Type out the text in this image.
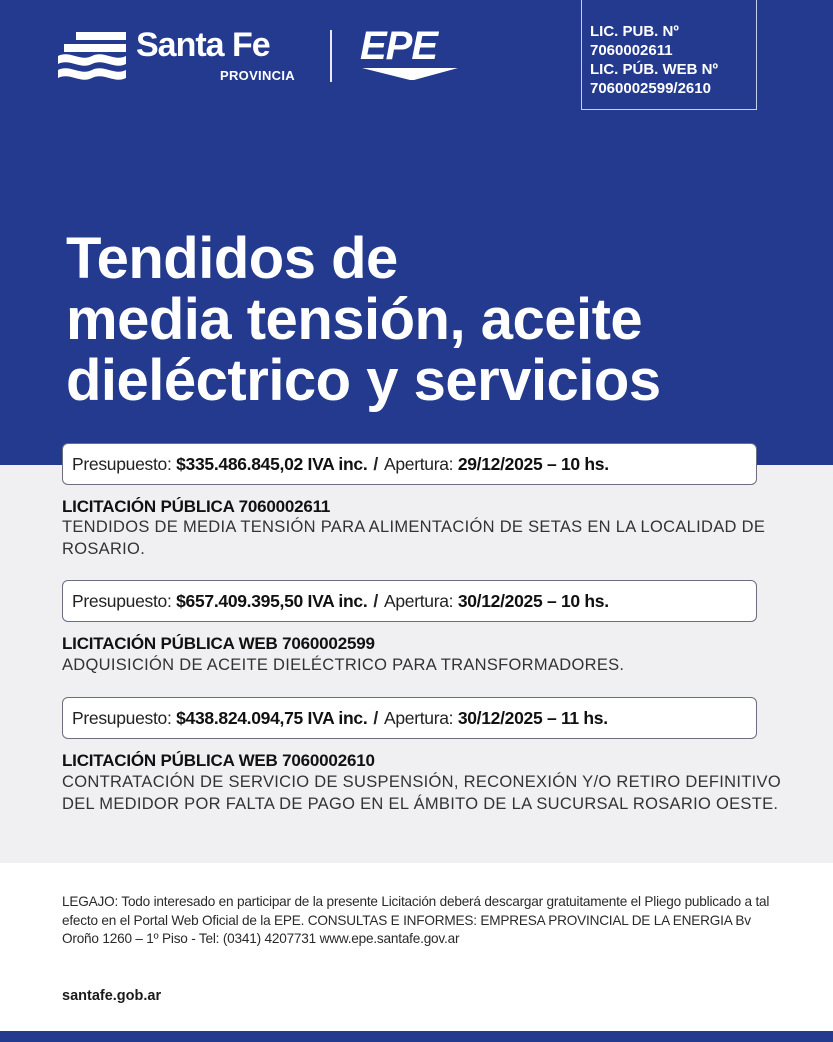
Santa Fe
PROVINCIA
EPE	LIC. PUB. Nº
7060002611
LIC. PÚB. WEB Nº
7060002599/2610
Tendidos de
media tensión, aceite
dieléctrico y servicios
Presupuesto: $335.486.845,02 IVA inc. / Apertura: 29/12/2025 – 10 hs.
LICITACIÓN PÚBLICA 7060002611
TENDIDOS DE MEDIA TENSIÓN PARA ALIMENTACIÓN DE SETAS EN LA LOCALIDAD DE ROSARIO.
Presupuesto: $657.409.395,50 IVA inc. / Apertura: 30/12/2025 – 10 hs.
LICITACIÓN PÚBLICA WEB 7060002599
ADQUISICIÓN DE ACEITE DIELÉCTRICO PARA TRANSFORMADORES.
Presupuesto: $438.824.094,75 IVA inc. / Apertura: 30/12/2025 – 11 hs.
LICITACIÓN PÚBLICA WEB 7060002610
CONTRATACIÓN DE SERVICIO DE SUSPENSIÓN, RECONEXIÓN Y/O RETIRO DEFINITIVO DEL MEDIDOR POR FALTA DE PAGO EN EL ÁMBITO DE LA SUCURSAL ROSARIO OESTE.
LEGAJO: Todo interesado en participar de la presente Licitación deberá descargar gratuitamente el Pliego publicado a tal efecto en el Portal Web Oficial de la EPE. CONSULTAS E INFORMES: EMPRESA PROVINCIAL DE LA ENERGIA Bv Oroño 1260 – 1º Piso - Tel: (0341) 4207731 www.epe.santafe.gov.ar
santafe.gob.ar
